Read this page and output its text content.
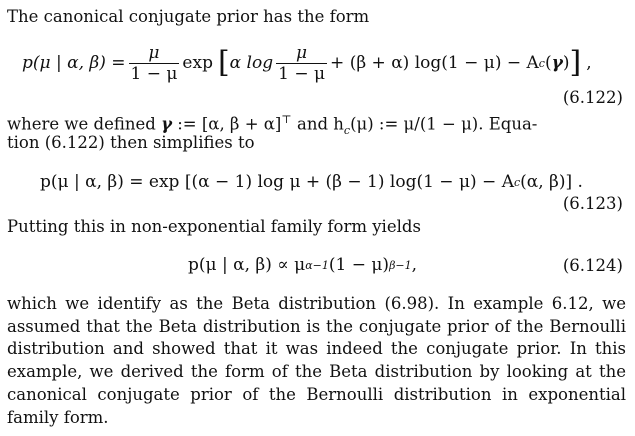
The canonical conjugate prior has the form
p(μ | α, $\beta) = \frac{\mu}{1 - \mu}$ exp [ α $\log \frac{\mu}{1 - \mu} + (\beta + \alpha) \log(1 - \mu) - A$ c ( γ ) ] ,
(6.122)
where we defined γ := [α, β + α]⊤ and $h_c(\mu)$ := μ/(1 − μ). Equa-
tion (6.122) then simplifies to
p(μ | α, β) = exp [(α − 1) log μ + (β − 1) log(1 − μ) − A c (α, β)] .
(6.123)
Putting this in non-exponential family form yields
p(μ | α, β) ∝ μ α−1 (1 − μ) β−1 ,	(6.124)
which we identify as the Beta distribution (6.98). In example 6.12, we assumed that the Beta distribution is the conjugate prior of the Bernoulli distribution and showed that it was indeed the conjugate prior. In this example, we derived the form of the Beta distribution by looking at the canonical conjugate prior of the Bernoulli distribution in exponential family form.
